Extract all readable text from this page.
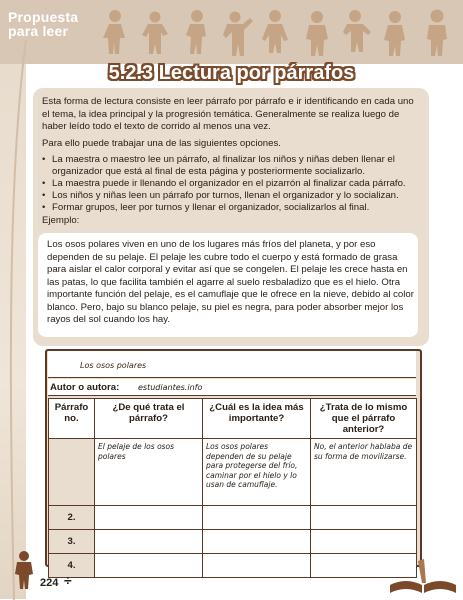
Propuesta
para leer
5.2.3 Lectura por párrafos
Esta forma de lectura consiste en leer párrafo por párrafo e ir identificando en cada uno el tema, la idea principal y la progresión temática. Generalmente se realiza luego de haber leído todo el texto de corrido al menos una vez.
Para ello puede trabajar una de las siguientes opciones.
• La maestra o maestro lee un párrafo, al finalizar los niños y niñas deben llenar el organizador que está al final de esta página y posteriormente socializarlo.
• La maestra puede ir llenando el organizador en el pizarrón al finalizar cada párrafo.
• Los niños y niñas leen un párrafo por turnos, llenan el organizador y lo socializan.
• Formar grupos, leer por turnos y llenar el organizador, socializarlos al final.
Ejemplo:
Los osos polares viven en uno de los lugares más fríos del planeta, y por eso dependen de su pelaje. El pelaje les cubre todo el cuerpo y está formado de grasa para aislar el calor corporal y evitar así que se congelen. El pelaje les crece hasta en las patas, lo que facilita también el agarre al suelo resbaladizo que es el hielo. Otra importante función del pelaje, es el camuflaje que le ofrece en la nieve, debido al color blanco. Pero, bajo su blanco pelaje, su piel es negra, para poder absorber mejor los rayos del sol cuando los hay.
Los osos polares
Autor o autora: estudiantes.info
Párrafo no.	¿De qué trata el párrafo?	¿Cuál es la idea más importante?	¿Trata de lo mismo que el párrafo anterior?
	El pelaje de los osos polares	Los osos polares dependen de su pelaje para protegerse del frío, caminar por el hielo y lo usan de camuflaje.	No, el anterior hablaba de su forma de movilizarse.
2.			
3.			
4.			
224 ÷
